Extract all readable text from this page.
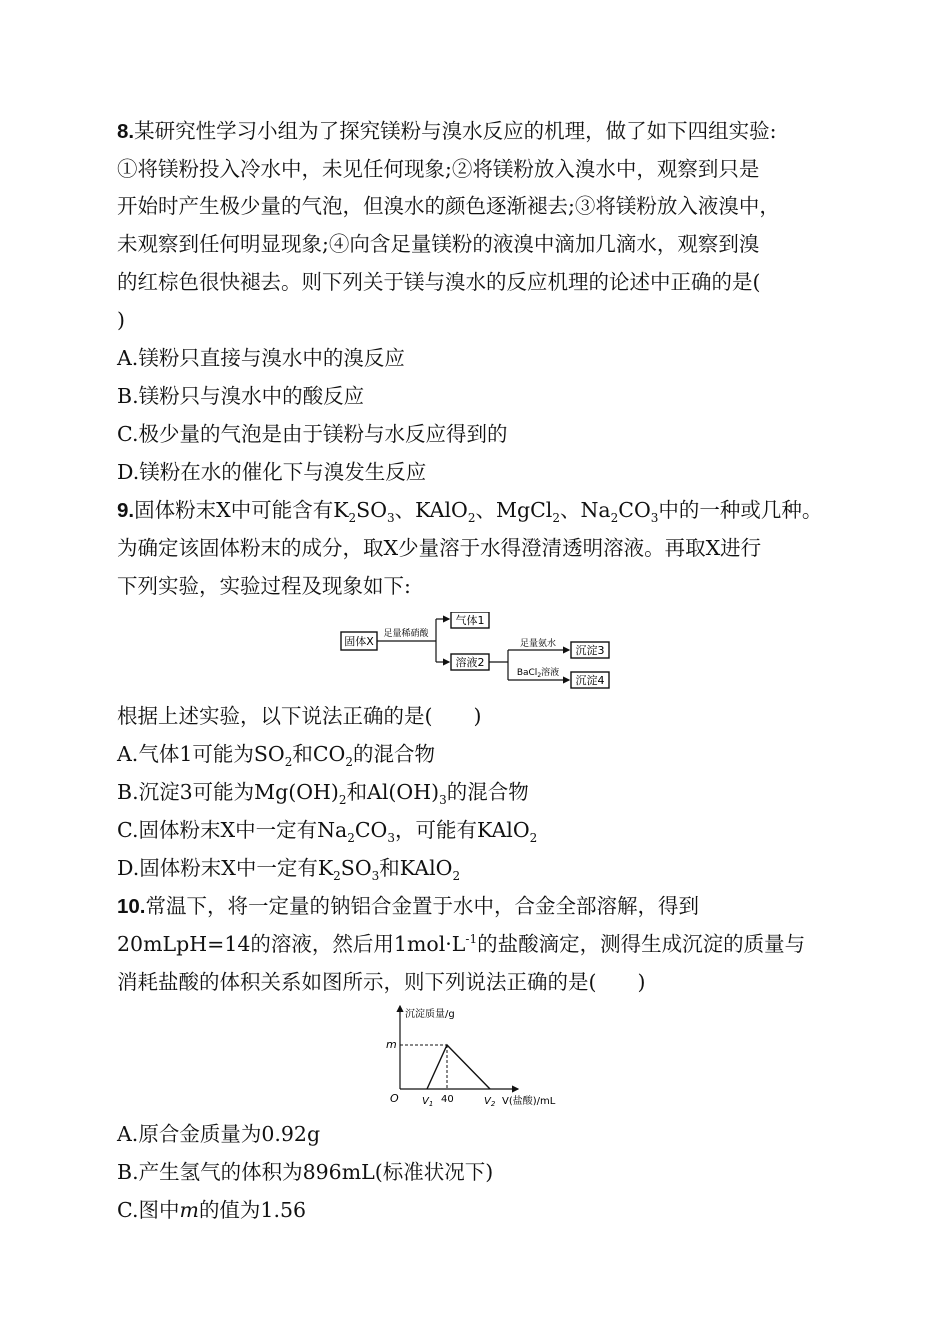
8.某研究性学习小组为了探究镁粉与溴水反应的机理，做了如下四组实验:
①将镁粉投入冷水中，未见任何现象;②将镁粉放入溴水中，观察到只是
开始时产生极少量的气泡，但溴水的颜色逐渐褪去;③将镁粉放入液溴中，
未观察到任何明显现象;④向含足量镁粉的液溴中滴加几滴水，观察到溴
的红棕色很快褪去。则下列关于镁与溴水的反应机理的论述中正确的是(
)
A.镁粉只直接与溴水中的溴反应
B.镁粉只与溴水中的酸反应
C.极少量的气泡是由于镁粉与水反应得到的
D.镁粉在水的催化下与溴发生反应
9.固体粉末X中可能含有$K_2SO_3$、KAlO$_2$、MgCl$_2$、$Na_2CO_3$中的一种或几种。
为确定该固体粉末的成分，取X少量溶于水得澄清透明溶液。再取X进行
下列实验，实验过程及现象如下:
固体X
足量稀硝酸
气体1
溶液2
足量氨水
BaCl$_2$溶液
沉淀3
沉淀4
根据上述实验，以下说法正确的是(　　)
A.气体1可能为$SO_2$和$CO_2$的混合物
B.沉淀3可能为$Mg(OH)_2$和$Al(OH)_3$的混合物
C.固体粉末X中一定有$Na_2CO_3$，可能有KAlO$_2$
D.固体粉末X中一定有$K_2SO_3$和KAlO$_2$
10.常温下，将一定量的钠铝合金置于水中，合金全部溶解，得到
20mLpH=14的溶液，然后用$1mol\cdot L^{-1}$的盐酸滴定，测得生成沉淀的质量与
消耗盐酸的体积关系如图所示，则下列说法正确的是(　　)
沉淀质量/g
m
O $V_1$ 40	$V_2$ V(盐酸)/mL
A.原合金质量为0.92g
B.产生氢气的体积为896mL(标准状况下)
C.图中m的值为1.56
